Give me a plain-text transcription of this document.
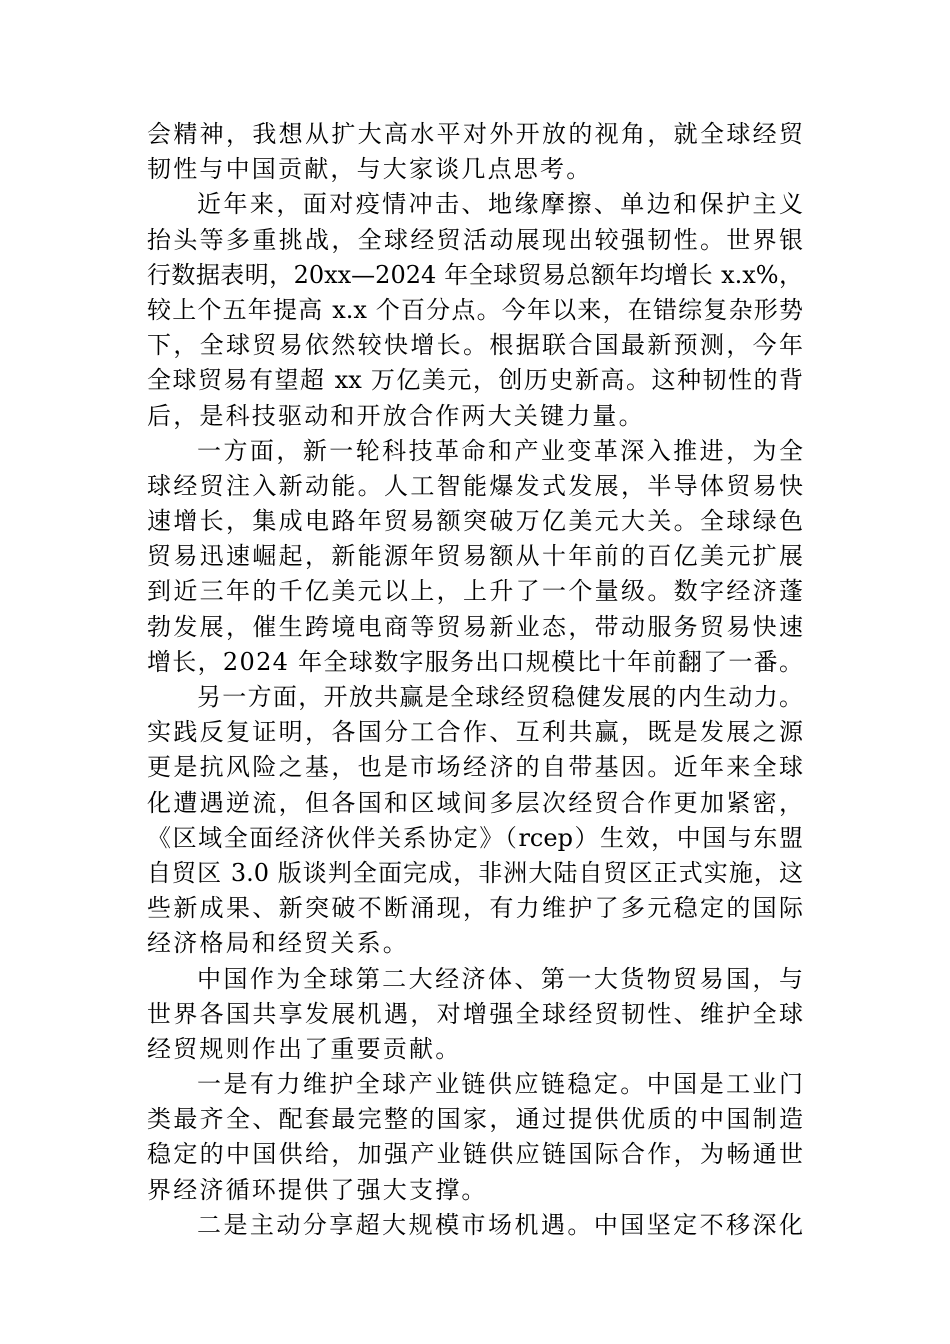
会精神，我想从扩大高水平对外开放的视角，就全球经贸
韧性与中国贡献，与大家谈几点思考。
近年来，面对疫情冲击、地缘摩擦、单边和保护主义
抬头等多重挑战，全球经贸活动展现出较强韧性。世界银
行数据表明，20xx—2024 年全球贸易总额年均增长 x.x%，
较上个五年提高 x.x 个百分点。今年以来，在错综复杂形势
下，全球贸易依然较快增长。根据联合国最新预测，今年
全球贸易有望超 xx 万亿美元，创历史新高。这种韧性的背
后，是科技驱动和开放合作两大关键力量。
一方面，新一轮科技革命和产业变革深入推进，为全
球经贸注入新动能。人工智能爆发式发展，半导体贸易快
速增长，集成电路年贸易额突破万亿美元大关。全球绿色
贸易迅速崛起，新能源年贸易额从十年前的百亿美元扩展
到近三年的千亿美元以上，上升了一个量级。数字经济蓬
勃发展，催生跨境电商等贸易新业态，带动服务贸易快速
增长，2024 年全球数字服务出口规模比十年前翻了一番。
另一方面，开放共赢是全球经贸稳健发展的内生动力。
实践反复证明，各国分工合作、互利共赢，既是发展之源
更是抗风险之基，也是市场经济的自带基因。近年来全球
化遭遇逆流，但各国和区域间多层次经贸合作更加紧密，
《区域全面经济伙伴关系协定》（rcep）生效，中国与东盟
自贸区 3.0 版谈判全面完成，非洲大陆自贸区正式实施，这
些新成果、新突破不断涌现，有力维护了多元稳定的国际
经济格局和经贸关系。
中国作为全球第二大经济体、第一大货物贸易国，与
世界各国共享发展机遇，对增强全球经贸韧性、维护全球
经贸规则作出了重要贡献。
一是有力维护全球产业链供应链稳定。中国是工业门
类最齐全、配套最完整的国家，通过提供优质的中国制造
稳定的中国供给，加强产业链供应链国际合作，为畅通世
界经济循环提供了强大支撑。
二是主动分享超大规模市场机遇。中国坚定不移深化
